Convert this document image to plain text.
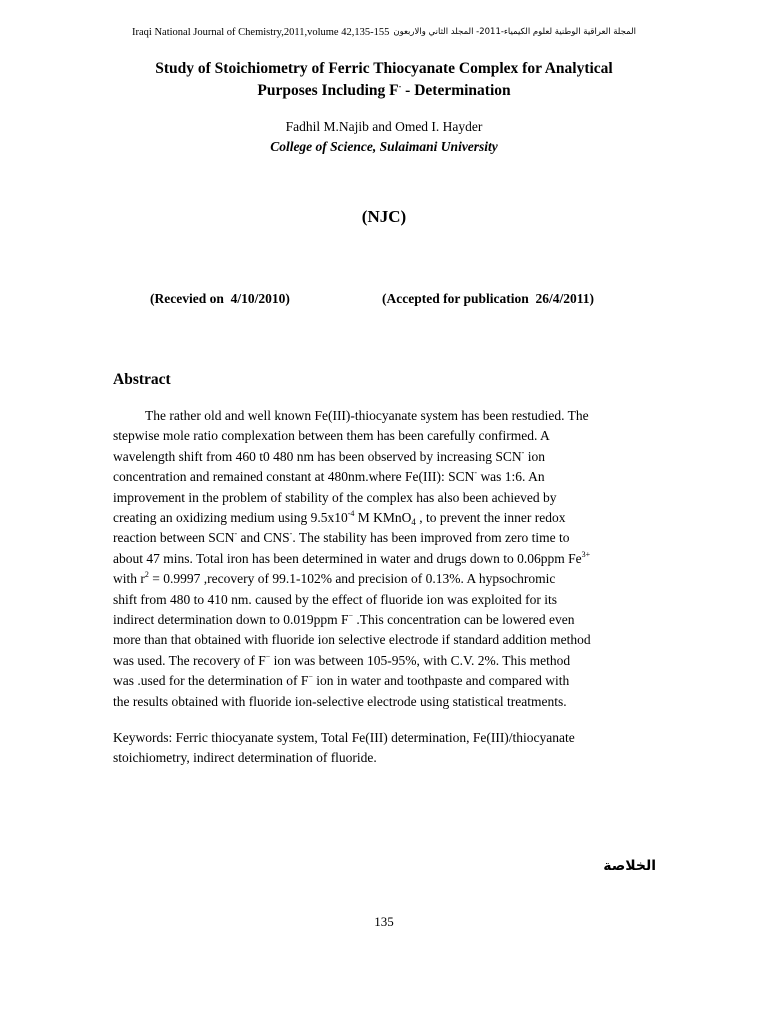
Iraqi National Journal of Chemistry,2011,volume 42,135-155 المجلة العراقية الوطنية لعلوم الكيمياء-2011- المجلد الثاني والاربعون
Study of Stoichiometry of Ferric Thiocyanate Complex for Analytical
Purposes Including F- - Determination
Fadhil M.Najib and Omed I. Hayder
College of Science, Sulaimani University
(NJC)
(Recevied on  4/10/2010)	(Accepted for publication  26/4/2011)
Abstract
The rather old and well known Fe(III)-thiocyanate system has been restudied. The
stepwise mole ratio complexation between them has been carefully confirmed. A
wavelength shift from 460 t0 480 nm has been observed by increasing SCN- ion
concentration and remained constant at 480nm.where Fe(III): SCN- was 1:6. An
improvement in the problem of stability of the complex has also been achieved by
creating an oxidizing medium using $9.5x10^{-4}$ M KMnO$_4$ , to prevent the inner redox
reaction between SCN- and CNS-. The stability has been improved from zero time to
about 47 mins. Total iron has been determined in water and drugs down to 0.06ppm $Fe^{3+}$
with $r^2 = 0.9997$ ,recovery of 99.1-102% and precision of 0.13%. A hypsochromic
shift from 480 to 410 nm. caused by the effect of fluoride ion was exploited for its
indirect determination down to 0.019ppm F− .This concentration can be lowered even
more than that obtained with fluoride ion selective electrode if standard addition method
was used. The recovery of F− ion was between 105-95%, with C.V. 2%. This method
was .used for the determination of F− ion in water and toothpaste and compared with
the results obtained with fluoride ion-selective electrode using statistical treatments.
Keywords: Ferric thiocyanate system, Total Fe(III) determination, Fe(III)/thiocyanate
stoichiometry, indirect determination of fluoride.
الخلاصة
135
